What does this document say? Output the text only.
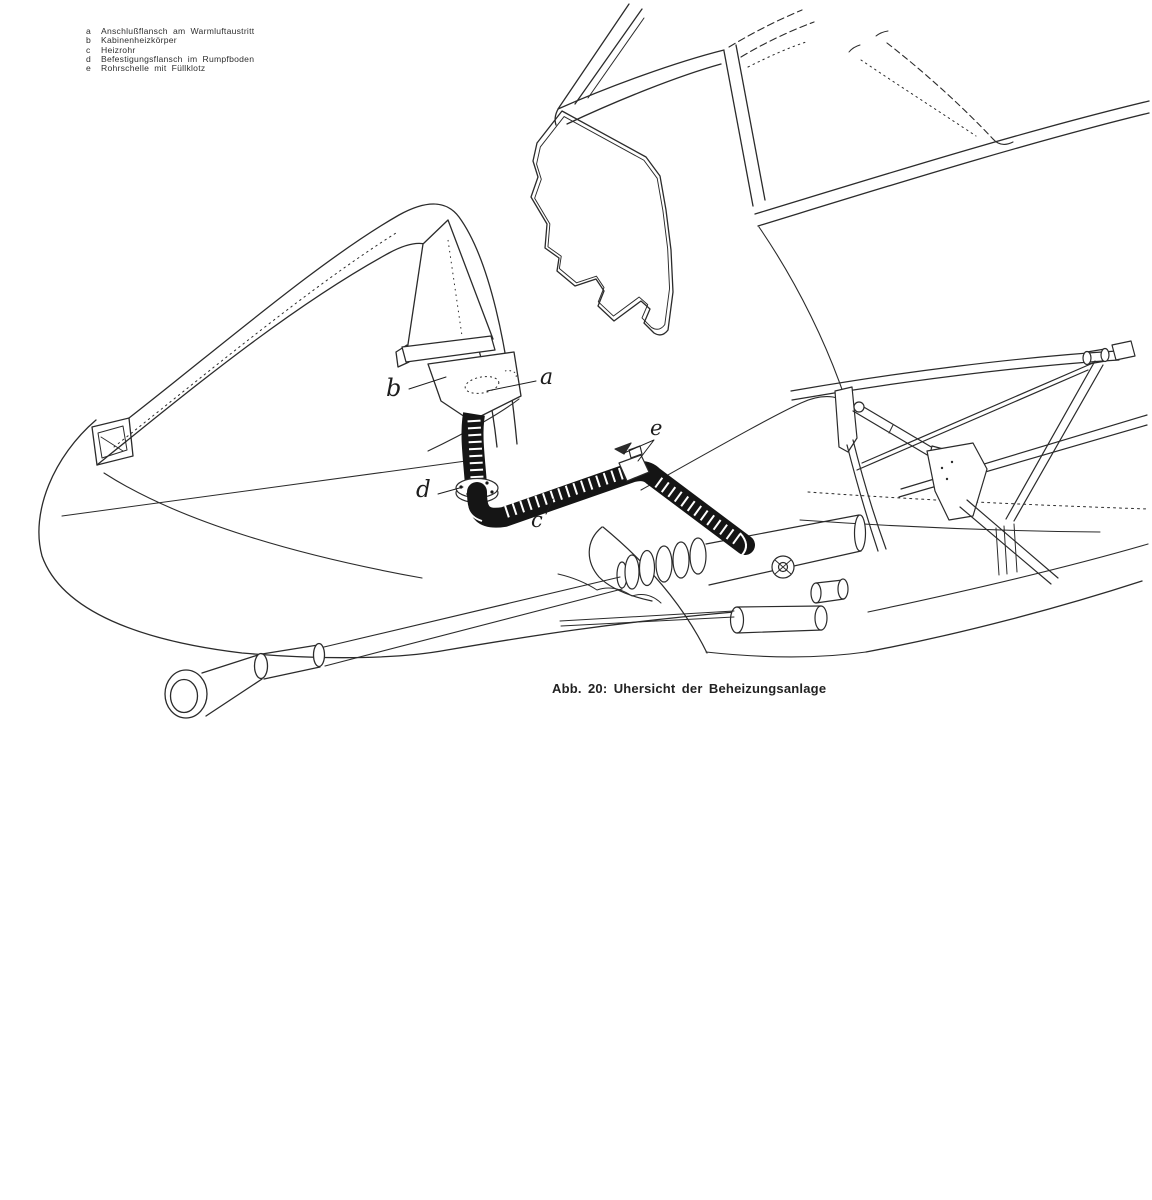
a	Anschlußflansch am Warmluftaustritt
b	Kabinenheizkörper
c	Heizrohr
d	Befestigungsflansch im Rumpfboden
e	Rohrschelle mit Füllklotz
a
b
c
d
e
Abb. 20: Uhersicht der Beheizungsanlage
